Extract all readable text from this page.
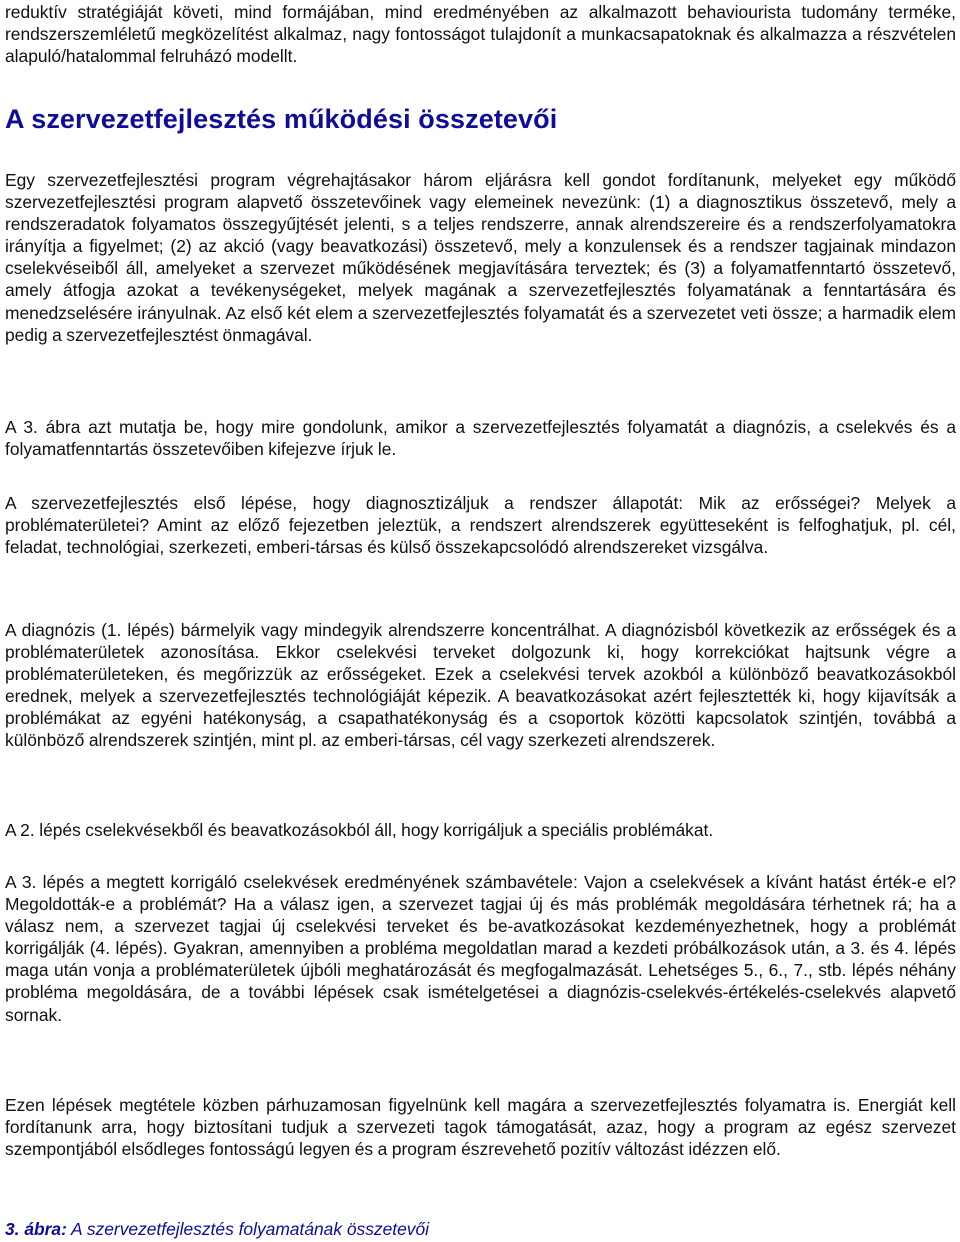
reduktív stratégiáját követi, mind formájában, mind eredményében az alkalmazott behaviourista tudomány terméke, rendszerszemléletű megközelítést alkalmaz, nagy fontosságot tulajdonít a munkacsapatoknak és alkalmazza a részvételen alapuló/hatalommal felruházó modellt.

A szervezetfejlesztés működési összetevői

Egy szervezetfejlesztési program végrehajtásakor három eljárásra kell gondot fordítanunk, melyeket egy működő szervezetfejlesztési program alapvető összetevőinek vagy elemeinek nevezünk: (1) a diagnosztikus összetevő, mely a rendszeradatok folyamatos összegyűjtését jelenti, s a teljes rendszerre, annak alrendszereire és a rendszerfolyamatokra irányítja a figyelmet; (2) az akció (vagy beavatkozási) összetevő, mely a konzulensek és a rendszer tagjainak mindazon cselekvéseiből áll, amelyeket a szervezet működésének megjavítására terveztek; és (3) a folyamatfenntartó összetevő, amely átfogja azokat a tevékenységeket, melyek magának a szervezetfejlesztés folyamatának a fenntartására és menedzselésére irányulnak. Az első két elem a szervezetfejlesztés folyamatát és a szervezetet veti össze; a harmadik elem pedig a szervezetfejlesztést önmagával.

A 3. ábra azt mutatja be, hogy mire gondolunk, amikor a szervezetfejlesztés folyamatát a diagnózis, a cselekvés és a folyamatfenntartás összetevőiben kifejezve írjuk le.

A szervezetfejlesztés első lépése, hogy diagnosztizáljuk a rendszer állapotát: Mik az erősségei? Melyek a problématerületei? Amint az előző fejezetben jeleztük, a rendszert alrendszerek együtteseként is felfoghatjuk, pl. cél, feladat, technológiai, szerkezeti, emberi-társas és külső összekapcsolódó alrendszereket vizsgálva.

A diagnózis (1. lépés) bármelyik vagy mindegyik alrendszerre koncentrálhat. A diagnózisból következik az erősségek és a problématerületek azonosítása. Ekkor cselekvési terveket dolgozunk ki, hogy korrekciókat hajtsunk végre a problématerületeken, és megőrizzük az erősségeket. Ezek a cselekvési tervek azokból a különböző beavatkozásokból erednek, melyek a szervezetfejlesztés technológiáját képezik. A beavatkozásokat azért fejlesztették ki, hogy kijavítsák a problémákat az egyéni hatékonyság, a csapathatékonyság és a csoportok közötti kapcsolatok szintjén, továbbá a különböző alrendszerek szintjén, mint pl. az emberi-társas, cél vagy szerkezeti alrendszerek.

A 2. lépés cselekvésekből és beavatkozásokból áll, hogy korrigáljuk a speciális problémákat.

A 3. lépés a megtett korrigáló cselekvések eredményének számbavétele: Vajon a cselekvések a kívánt hatást érték-e el? Megoldották-e a problémát? Ha a válasz igen, a szervezet tagjai új és más problémák megoldására térhetnek rá; ha a válasz nem, a szervezet tagjai új cselekvési terveket és be-avatkozásokat kezdeményezhetnek, hogy a problémát korrigálják (4. lépés). Gyakran, amennyiben a probléma megoldatlan marad a kezdeti próbálkozások után, a 3. és 4. lépés maga után vonja a problématerületek újbóli meghatározását és megfogalmazását. Lehetséges 5., 6., 7., stb. lépés néhány probléma megoldására, de a további lépések csak ismételgetései a diagnózis-cselekvés-értékelés-cselekvés alapvető sornak.

Ezen lépések megtétele közben párhuzamosan figyelnünk kell magára a szervezetfejlesztés folyamatra is. Energiát kell fordítanunk arra, hogy biztosítani tudjuk a szervezeti tagok támogatását, azaz, hogy a program az egész szervezet szempontjából elsődleges fontosságú legyen és a program észrevehető pozitív változást idézzen elő.

3. ábra: A szervezetfejlesztés folyamatának összetevői
